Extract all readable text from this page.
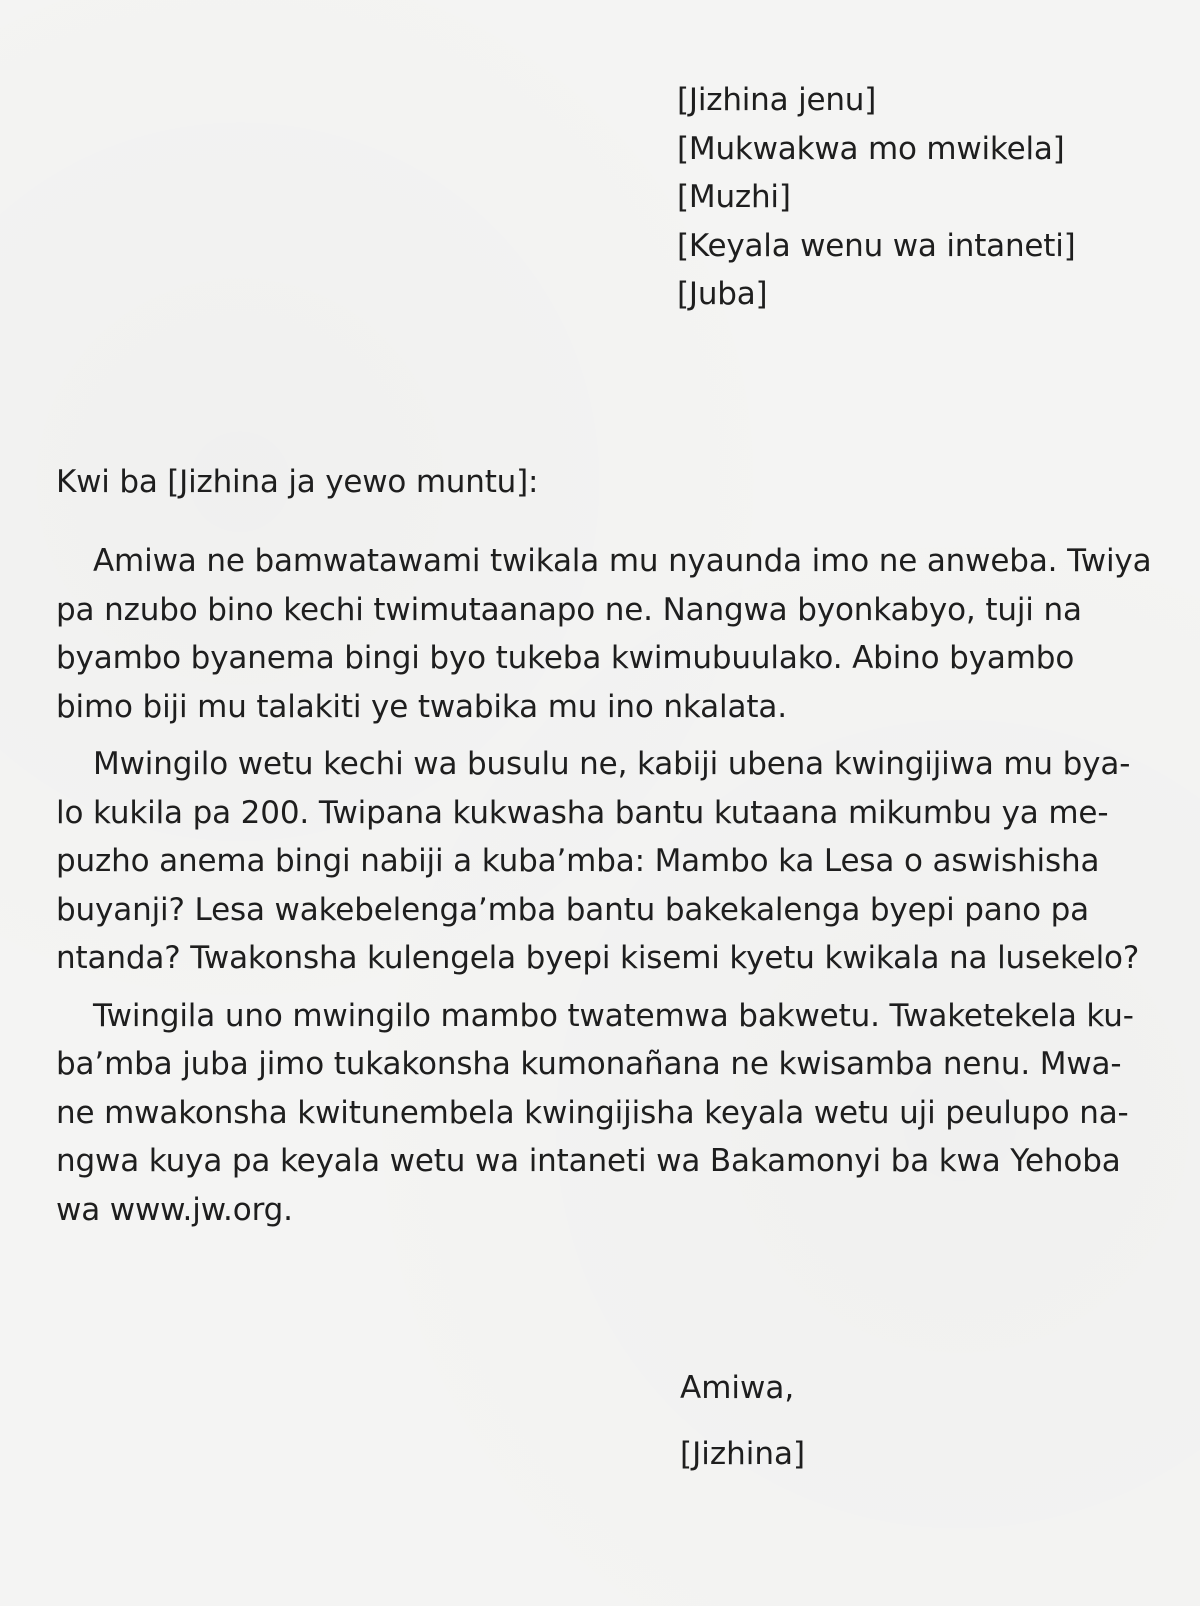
[Jizhina jenu]
[Mukwakwa mo mwikela]
[Muzhi]
[Keyala wenu wa intaneti]
[Juba]
Kwi ba [Jizhina ja yewo muntu]:
Amiwa ne bamwatawami twikala mu nyaunda imo ne anweba. Twiya
pa nzubo bino kechi twimutaanapo ne. Nangwa byonkabyo, tuji na
byambo byanema bingi byo tukeba kwimubuulako. Abino byambo
bimo biji mu talakiti ye twabika mu ino nkalata.
Mwingilo wetu kechi wa busulu ne, kabiji ubena kwingijiwa mu bya-
lo kukila pa 200. Twipana kukwasha bantu kutaana mikumbu ya me-
puzho anema bingi nabiji a kuba’mba: Mambo ka Lesa o aswishisha
buyanji? Lesa wakebelenga’mba bantu bakekalenga byepi pano pa
ntanda? Twakonsha kulengela byepi kisemi kyetu kwikala na lusekelo?
Twingila uno mwingilo mambo twatemwa bakwetu. Twaketekela ku-
ba’mba juba jimo tukakonsha kumonañana ne kwisamba nenu. Mwa-
ne mwakonsha kwitunembela kwingijisha keyala wetu uji peulupo na-
ngwa kuya pa keyala wetu wa intaneti wa Bakamonyi ba kwa Yehoba
wa www.jw.org.
Amiwa,
[Jizhina]
